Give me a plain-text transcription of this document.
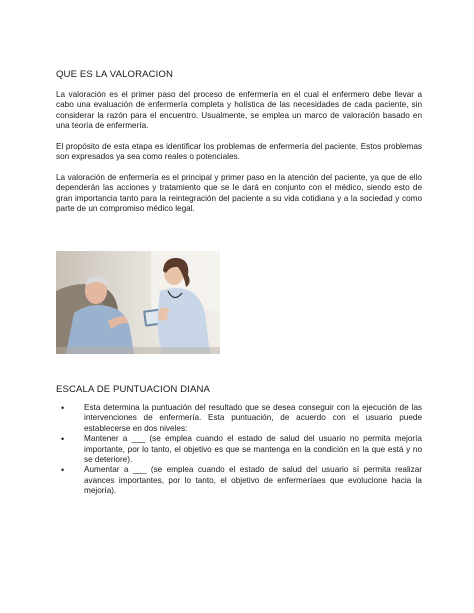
QUE ES LA VALORACION

La valoración es el primer paso del proceso de enfermería en el cual el enfermero debe llevar a cabo una evaluación de enfermería completa y holística de las necesidades de cada paciente, sin considerar la razón para el encuentro. Usualmente, se emplea un marco de valoración basado en una teoría de enfermería.

El propósito de esta etapa es identificar los problemas de enfermería del paciente. Estos problemas son expresados ya sea como reales o potenciales.

La valoración de enfermería es el principal y primer paso en la atención del paciente, ya que de ello dependerán las acciones y tratamiento que se le dará en conjunto con el médico, siendo esto de gran importancia tanto para la reintegración del paciente a su vida cotidiana y a la sociedad y como parte de un compromiso médico legal.

ESCALA DE PUNTUACION DIANA
• Esta determina la puntuación del resultado que se desea conseguir con la ejecución de las intervenciones de enfermería. Esta puntuación, de acuerdo con el usuario puede establecerse en dos niveles:
• Mantener a ___ (se emplea cuando el estado de salud del usuario no permita mejoría importante, por lo tanto, el objetivo es que se mantenga en la condición en la que está y no se deteriore).
• Aumentar a ___ (se emplea cuando el estado de salud del usuario sí permita realizar avances importantes, por lo tanto, el objetivo de enfermeríaes que evolucione hacia la mejoría).
